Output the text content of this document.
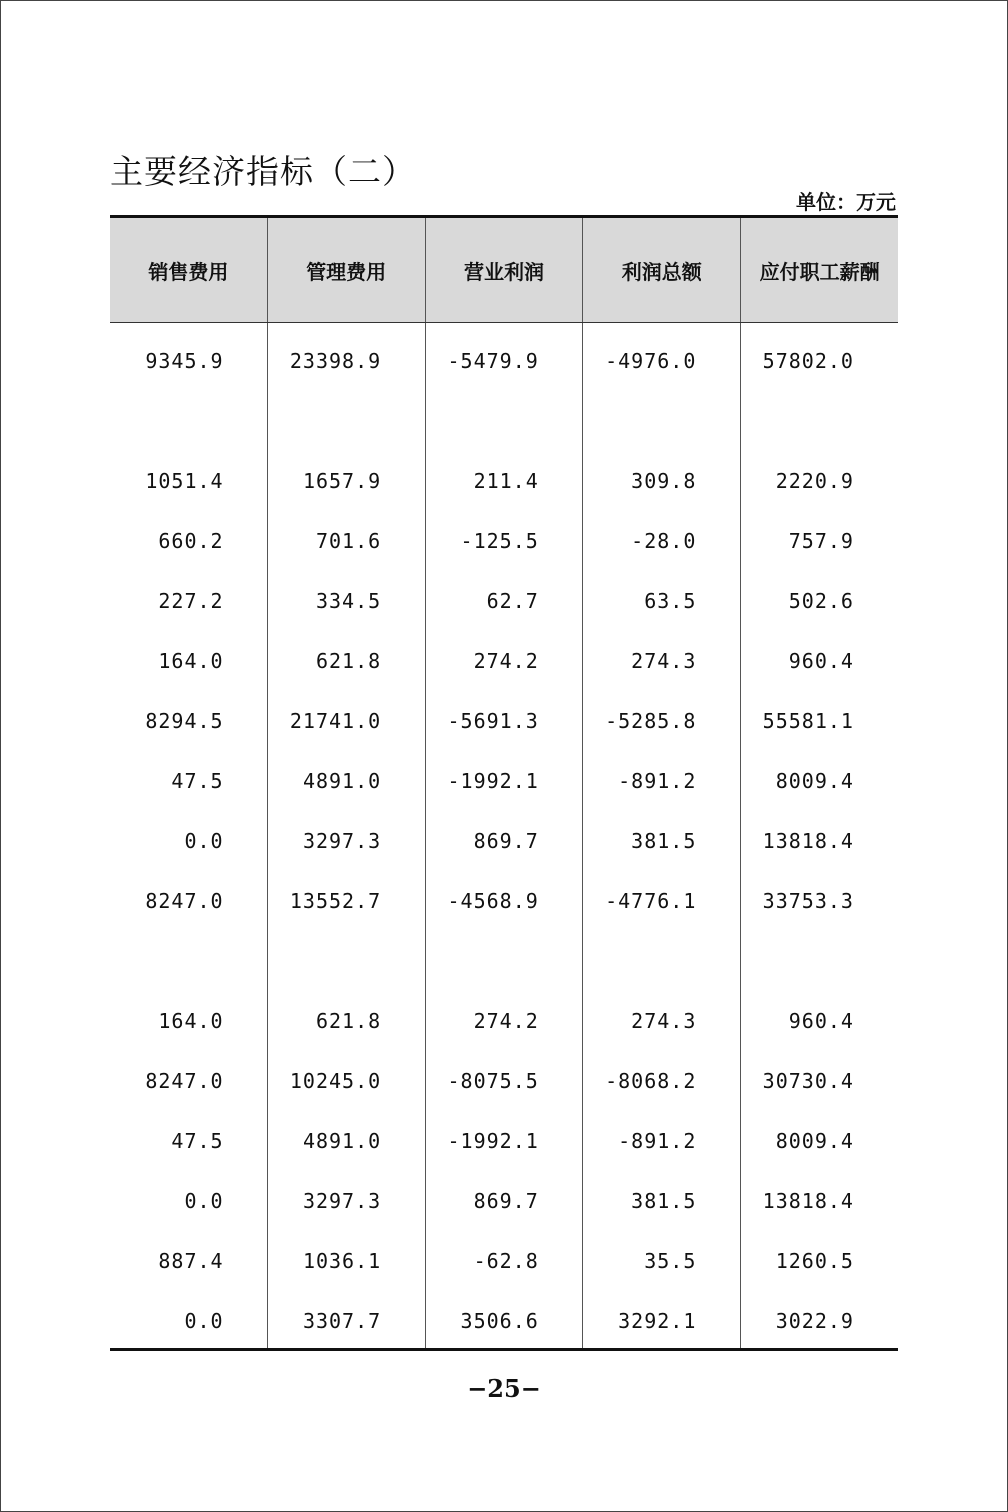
主要经济指标（二）
单位：万元
销售费用	管理费用	营业利润	利润总额	应付职工薪酬
9345.9	23398.9	-5479.9	-4976.0	57802.0
1051.4	1657.9	211.4	309.8	2220.9
660.2	701.6	-125.5	-28.0	757.9
227.2	334.5	62.7	63.5	502.6
164.0	621.8	274.2	274.3	960.4
8294.5	21741.0	-5691.3	-5285.8	55581.1
47.5	4891.0	-1992.1	-891.2	8009.4
0.0	3297.3	869.7	381.5	13818.4
8247.0	13552.7	-4568.9	-4776.1	33753.3
164.0	621.8	274.2	274.3	960.4
8247.0	10245.0	-8075.5	-8068.2	30730.4
47.5	4891.0	-1992.1	-891.2	8009.4
0.0	3297.3	869.7	381.5	13818.4
887.4	1036.1	-62.8	35.5	1260.5
0.0	3307.7	3506.6	3292.1	3022.9
−25−
